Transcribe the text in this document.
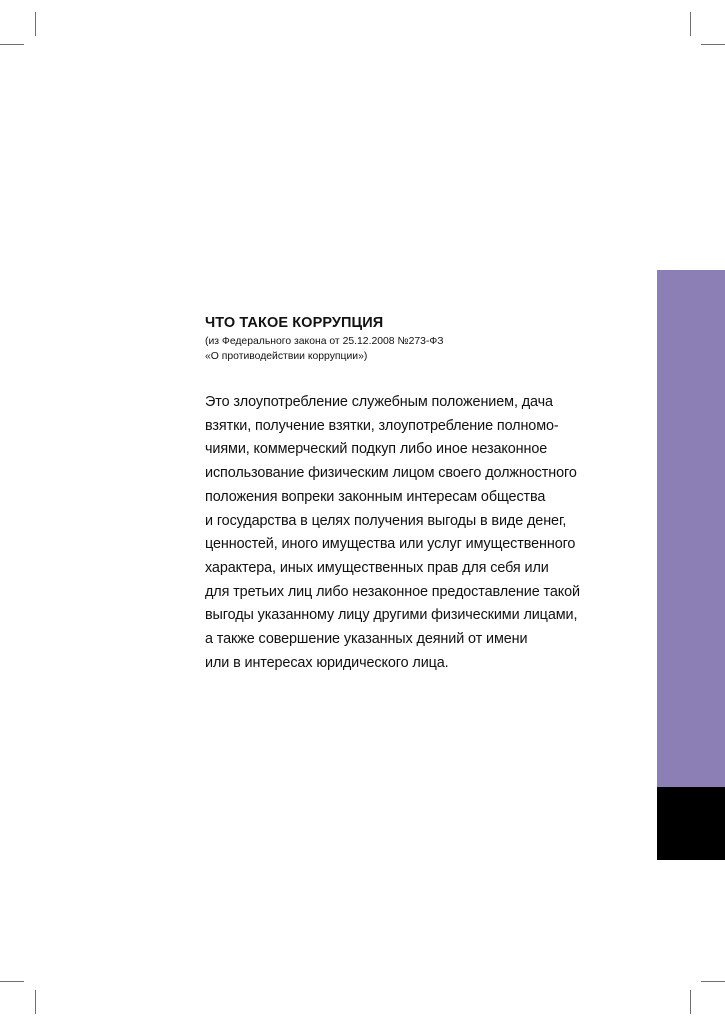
ЧТО ТАКОЕ КОРРУПЦИЯ

(из Федерального закона от 25.12.2008 №273-ФЗ
«О противодействии коррупции»)

Это злоупотребление служебным положением, дача
взятки, получение взятки, злоупотребление полномо-
чиями, коммерческий подкуп либо иное незаконное
использование физическим лицом своего должностного
положения вопреки законным интересам общества
и государства в целях получения выгоды в виде денег,
ценностей, иного имущества или услуг имущественного
характера, иных имущественных прав для себя или
для третьих лиц либо незаконное предоставление такой
выгоды указанному лицу другими физическими лицами,
а также совершение указанных деяний от имени
или в интересах юридического лица.
